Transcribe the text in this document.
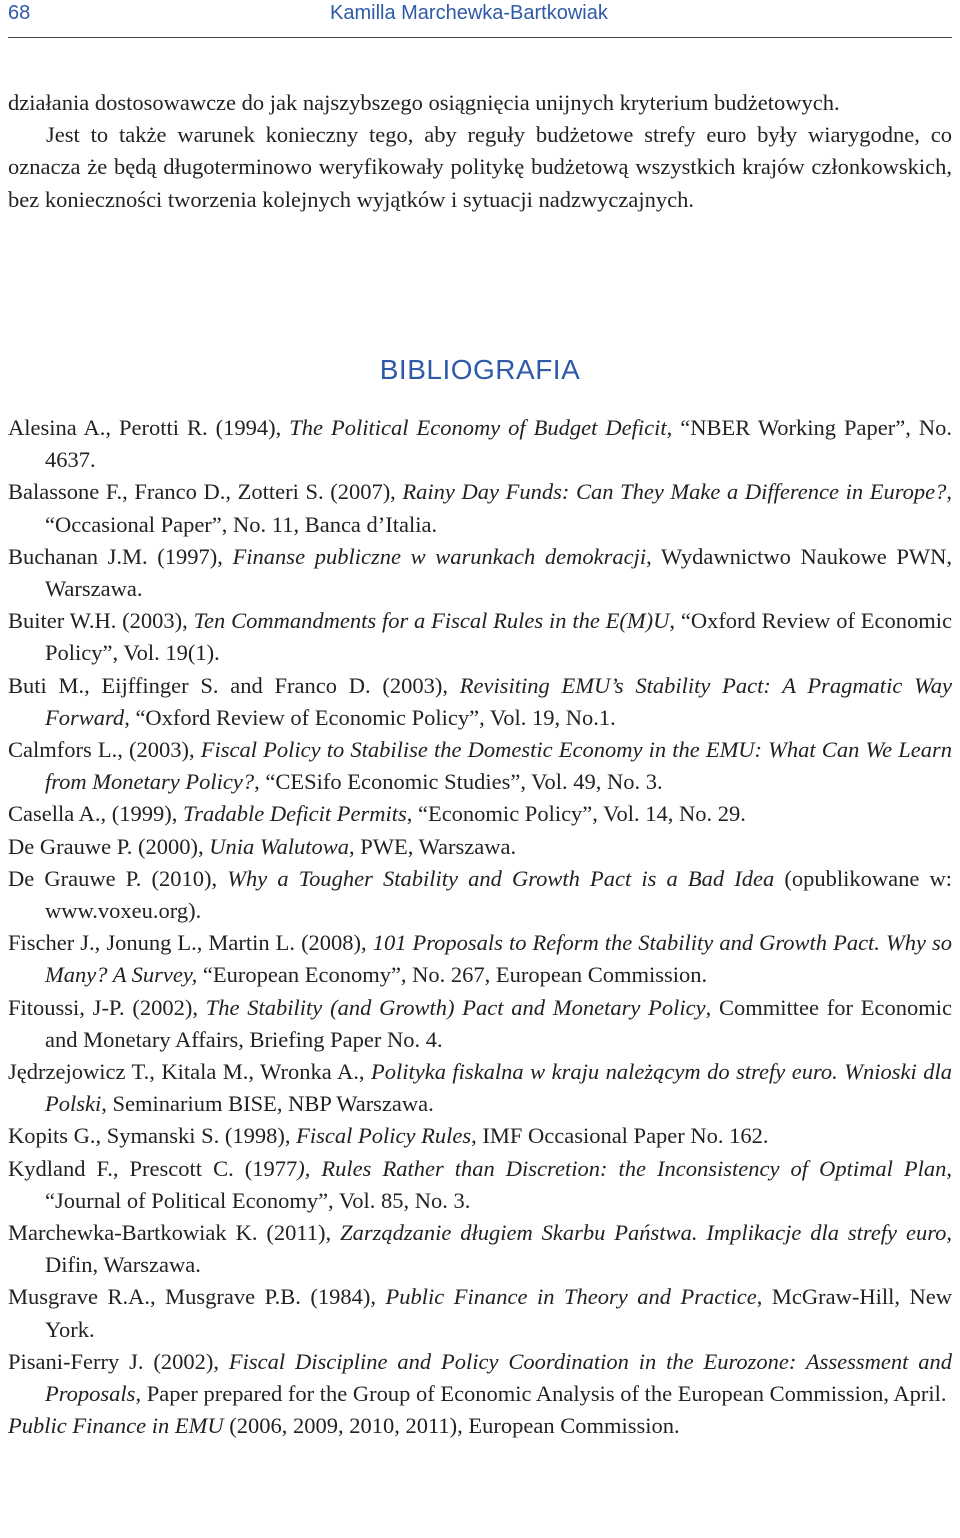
68	Kamilla Marchewka-Bartkowiak

działania dostosowawcze do jak najszybszego osiągnięcia unijnych kryterium budżetowych.

Jest to także warunek konieczny tego, aby reguły budżetowe strefy euro były wiarygodne, co oznacza że będą długoterminowo weryfikowały politykę budżetową wszystkich krajów członkowskich, bez konieczności tworzenia kolejnych wyjątków i sytuacji nadzwyczajnych.

BIBLIOGRAFIA
Alesina A., Perotti R. (1994), The Political Economy of Budget Deficit, “NBER Working Paper”, No. 4637.
Balassone F., Franco D., Zotteri S. (2007), Rainy Day Funds: Can They Make a Difference in Europe?, “Occasional Paper”, No. 11, Banca d’Italia.
Buchanan J.M. (1997), Finanse publiczne w warunkach demokracji, Wydawnictwo Naukowe PWN, Warszawa.
Buiter W.H. (2003), Ten Commandments for a Fiscal Rules in the E(M)U, “Oxford Review of Economic Policy”, Vol. 19(1).
Buti M., Eijffinger S. and Franco D. (2003), Revisiting EMU’s Stability Pact: A Pragmatic Way Forward, “Oxford Review of Economic Policy”, Vol. 19, No.1.
Calmfors L., (2003), Fiscal Policy to Stabilise the Domestic Economy in the EMU: What Can We Learn from Monetary Policy?, “CESifo Economic Studies”, Vol. 49, No. 3.
Casella A., (1999), Tradable Deficit Permits, “Economic Policy”, Vol. 14, No. 29.
De Grauwe P. (2000), Unia Walutowa, PWE, Warszawa.
De Grauwe P. (2010), Why a Tougher Stability and Growth Pact is a Bad Idea (opublikowane w: www.voxeu.org).
Fischer J., Jonung L., Martin L. (2008), 101 Proposals to Reform the Stability and Growth Pact. Why so Many? A Survey, “European Economy”, No. 267, European Commission.
Fitoussi, J-P. (2002), The Stability (and Growth) Pact and Monetary Policy, Committee for Economic and Monetary Affairs, Briefing Paper No. 4.
Jędrzejowicz T., Kitala M., Wronka A., Polityka fiskalna w kraju należącym do strefy euro. Wnioski dla Polski, Seminarium BISE, NBP Warszawa.
Kopits G., Symanski S. (1998), Fiscal Policy Rules, IMF Occasional Paper No. 162.
Kydland F., Prescott C. (1977), Rules Rather than Discretion: the Inconsistency of Optimal Plan, “Journal of Political Economy”, Vol. 85, No. 3.
Marchewka-Bartkowiak K. (2011), Zarządzanie długiem Skarbu Państwa. Implikacje dla strefy euro, Difin, Warszawa.
Musgrave R.A., Musgrave P.B. (1984), Public Finance in Theory and Practice, McGraw-Hill, New York.
Pisani-Ferry J. (2002), Fiscal Discipline and Policy Coordination in the Eurozone: Assessment and Proposals, Paper prepared for the Group of Economic Analysis of the European Commission, April.
Public Finance in EMU (2006, 2009, 2010, 2011), European Commission.
